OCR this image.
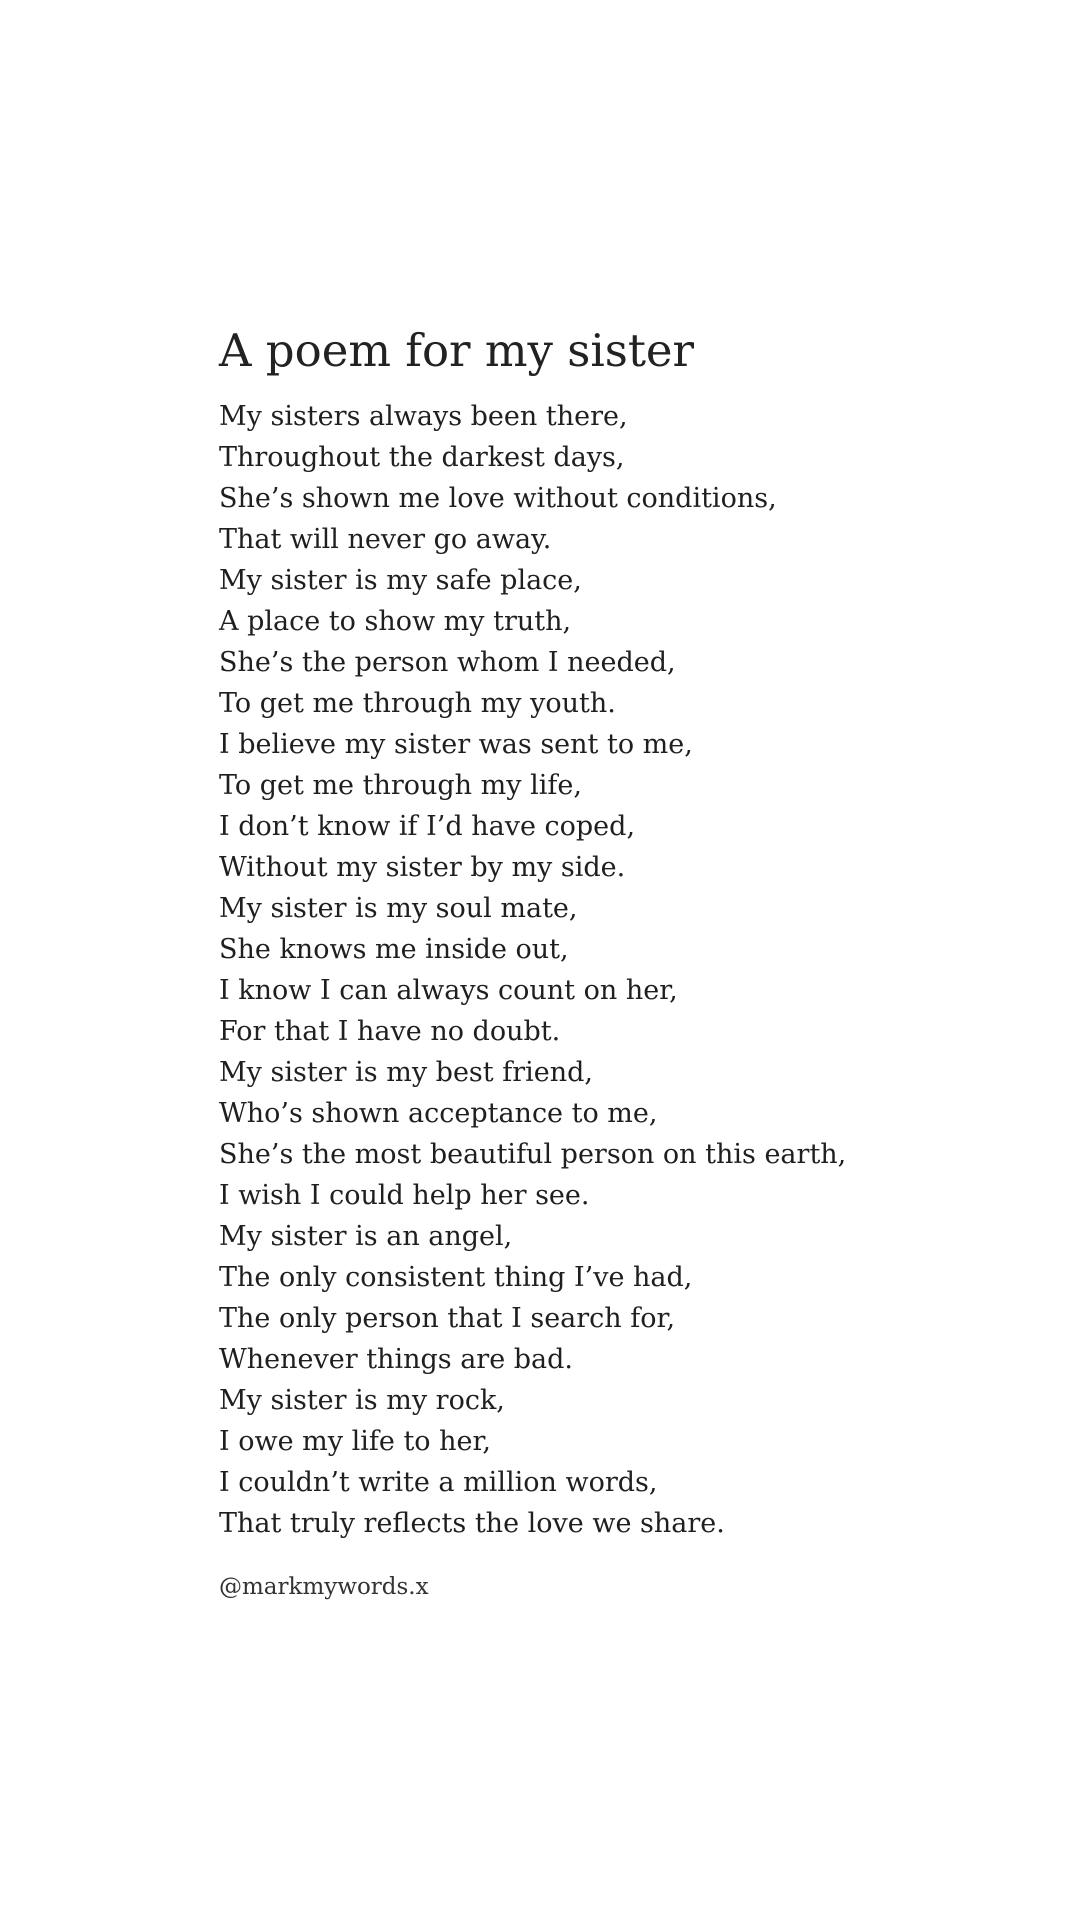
A poem for my sister
My sisters always been there,
Throughout the darkest days,
She’s shown me love without conditions,
That will never go away.
My sister is my safe place,
A place to show my truth,
She’s the person whom I needed,
To get me through my youth.
I believe my sister was sent to me,
To get me through my life,
I don’t know if I’d have coped,
Without my sister by my side.
My sister is my soul mate,
She knows me inside out,
I know I can always count on her,
For that I have no doubt.
My sister is my best friend,
Who’s shown acceptance to me,
She’s the most beautiful person on this earth,
I wish I could help her see.
My sister is an angel,
The only consistent thing I’ve had,
The only person that I search for,
Whenever things are bad.
My sister is my rock,
I owe my life to her,
I couldn’t write a million words,
That truly reflects the love we share.
@markmywords.x
